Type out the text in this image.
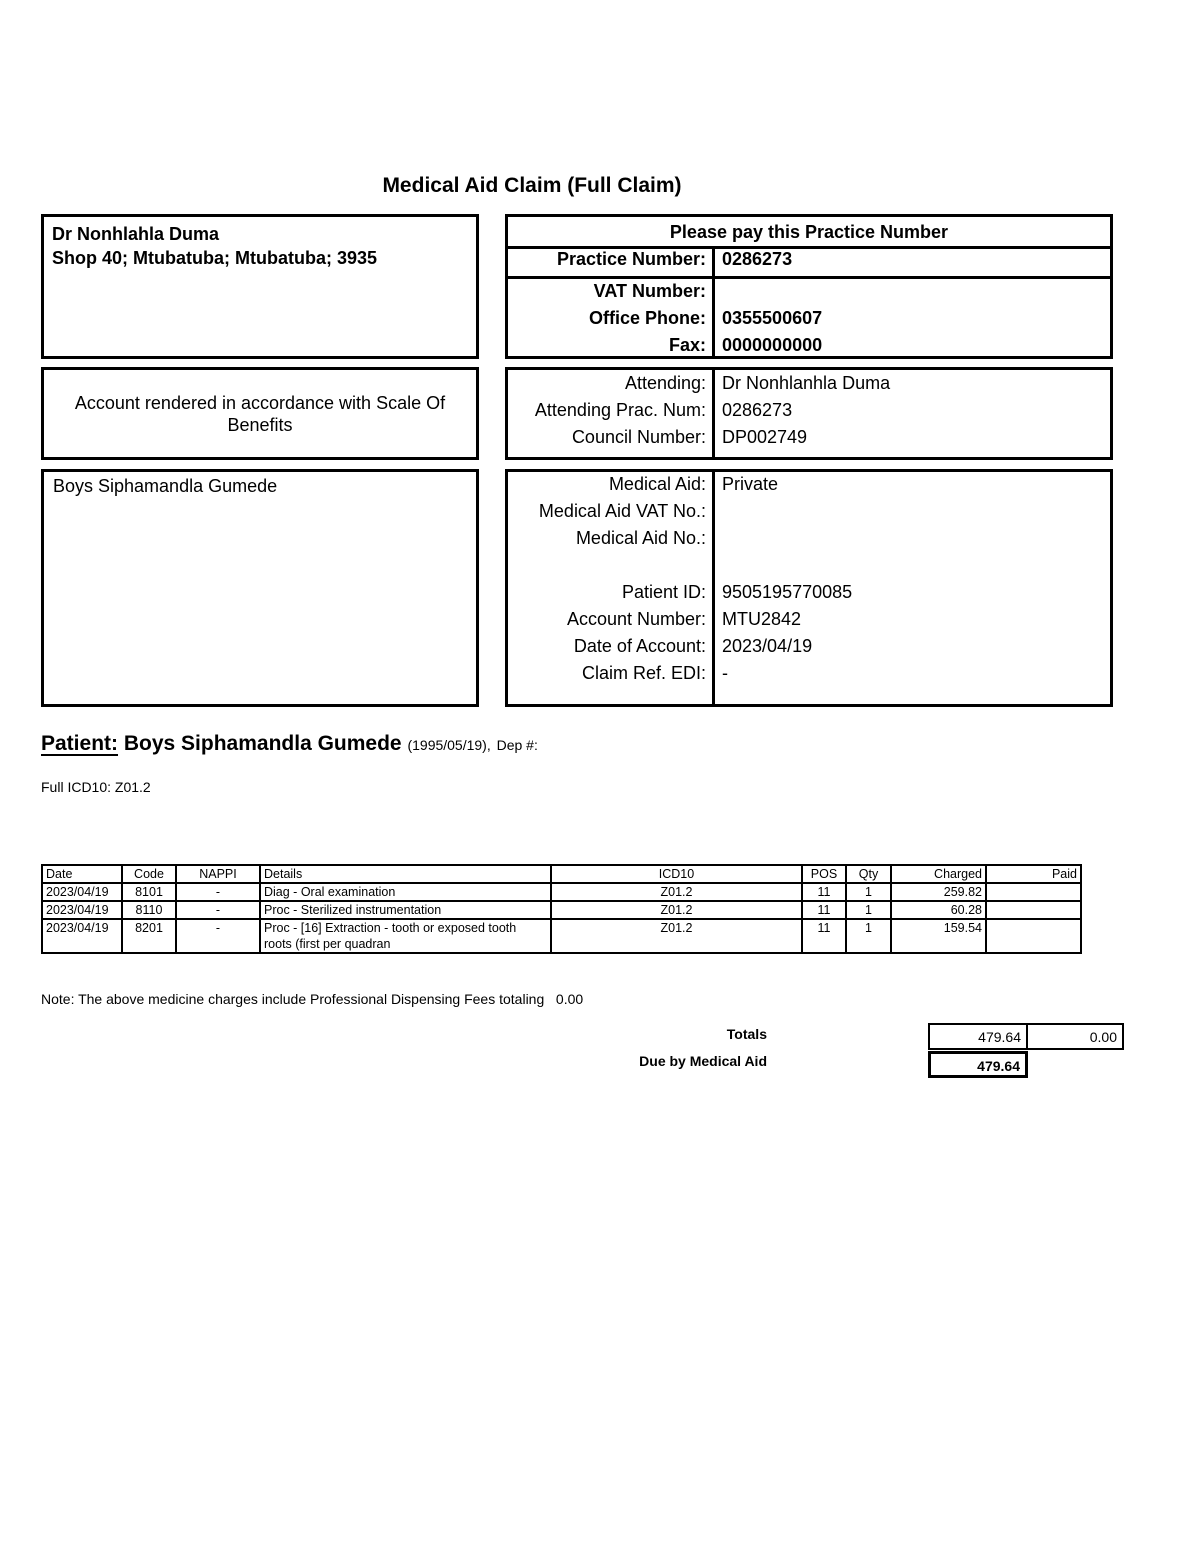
Medical Aid Claim (Full Claim)
Dr Nonhlahla Duma
Shop 40; Mtubatuba; Mtubatuba; 3935
Account rendered in accordance with Scale Of Benefits
Boys Siphamandla Gumede
Please pay this Practice Number
Practice Number: 0286273
VAT Number:
Office Phone: 0355500607
Fax: 0000000000
Attending: Dr Nonhlanhla Duma
Attending Prac. Num: 0286273
Council Number: DP002749
Medical Aid: Private
Medical Aid VAT No.:
Medical Aid No.:
Patient ID: 9505195770085
Account Number: MTU2842
Date of Account: 2023/04/19
Claim Ref. EDI: -
Patient: Boys Siphamandla Gumede (1995/05/19), Dep #:
Full ICD10: Z01.2
Date	Code	NAPPI	Details	ICD10	POS	Qty	Charged	Paid
2023/04/19	8101	-	Diag - Oral examination	Z01.2	11	1	259.82	
2023/04/19	8110	-	Proc - Sterilized instrumentation	Z01.2	11	1	60.28	
2023/04/19	8201	-	Proc - [16] Extraction - tooth or exposed tooth roots (first per quadran	Z01.2	11	1	159.54	
Note: The above medicine charges include Professional Dispensing Fees totaling   0.00
Totals	479.64	0.00
Due by Medical Aid	479.64
